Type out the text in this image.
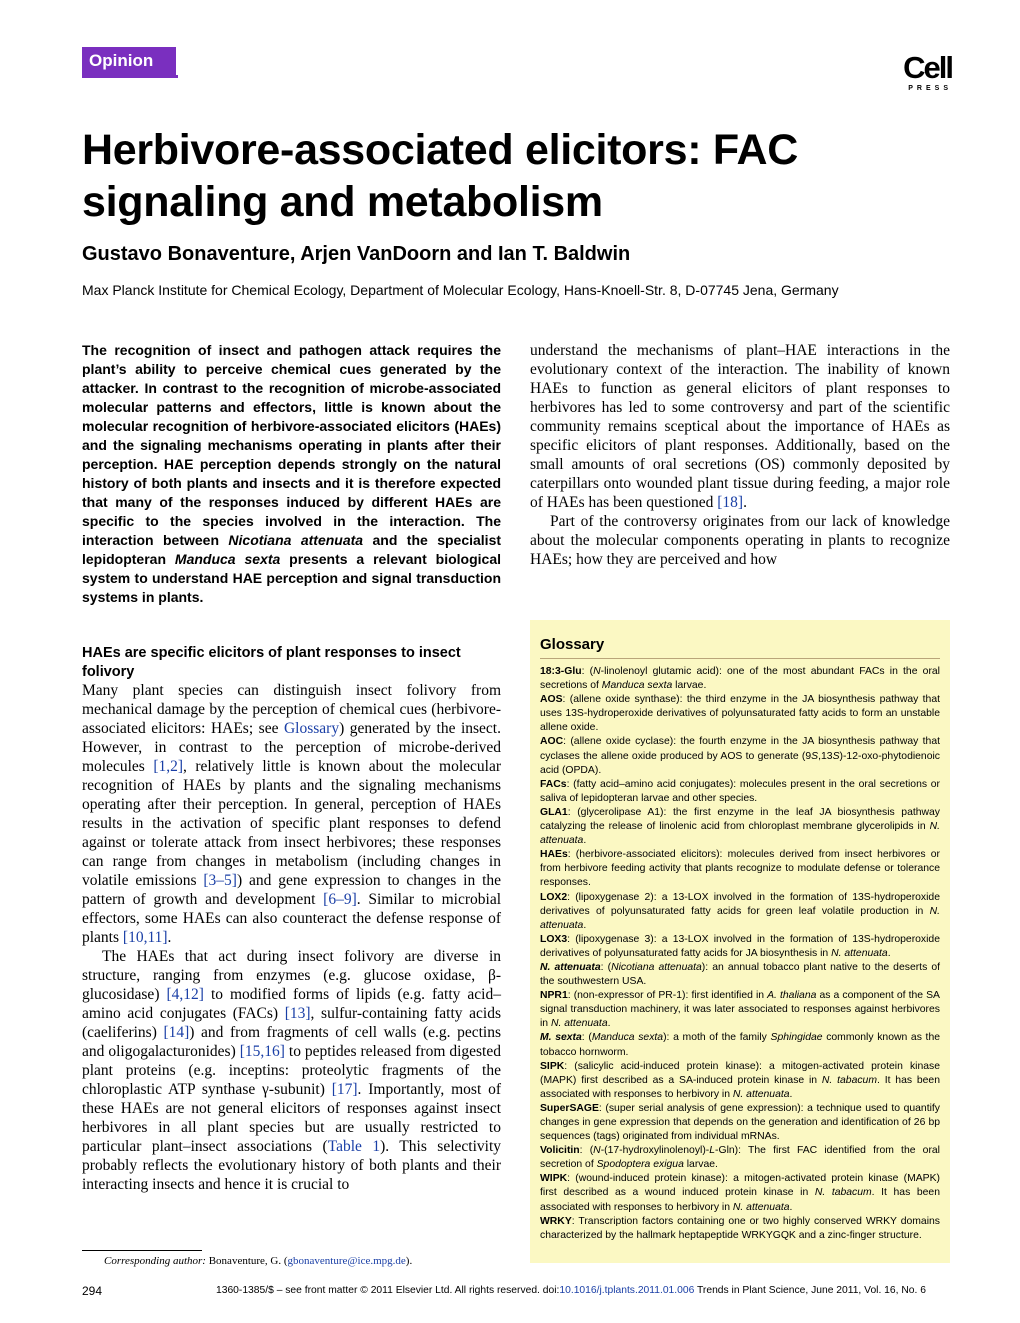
Opinion	Cell
PRESS
Herbivore-associated elicitors: FAC signaling and metabolism

Gustavo Bonaventure, Arjen VanDoorn and Ian T. Baldwin

Max Planck Institute for Chemical Ecology, Department of Molecular Ecology, Hans-Knoell-Str. 8, D-07745 Jena, Germany

The recognition of insect and pathogen attack requires the plant’s ability to perceive chemical cues generated by the attacker. In contrast to the recognition of microbe-associated molecular patterns and effectors, little is known about the molecular recognition of herbivore-associated elicitors (HAEs) and the signaling mechanisms operating in plants after their perception. HAE perception depends strongly on the natural history of both plants and insects and it is therefore expected that many of the responses induced by different HAEs are specific to the species involved in the interaction. The interaction between Nicotiana attenuata and the specialist lepidopteran Manduca sexta presents a relevant biological system to understand HAE perception and signal transduction systems in plants.

HAEs are specific elicitors of plant responses to insect folivory

Many plant species can distinguish insect folivory from mechanical damage by the perception of chemical cues (herbivore-associated elicitors: HAEs; see Glossary) generated by the insect. However, in contrast to the perception of microbe-derived molecules [1,2], relatively little is known about the molecular recognition of HAEs by plants and the signaling mechanisms operating after their perception. In general, perception of HAEs results in the activation of specific plant responses to defend against or tolerate attack from insect herbivores; these responses can range from changes in metabolism (including changes in volatile emissions [3–5]) and gene expression to changes in the pattern of growth and development [6–9]. Similar to microbial effectors, some HAEs can also counteract the defense response of plants [10,11].

The HAEs that act during insect folivory are diverse in structure, ranging from enzymes (e.g. glucose oxidase, β-glucosidase) [4,12] to modified forms of lipids (e.g. fatty acid–amino acid conjugates (FACs) [13], sulfur-containing fatty acids (caeliferins) [14]) and from fragments of cell walls (e.g. pectins and oligogalacturonides) [15,16] to peptides released from digested plant proteins (e.g. inceptins: proteolytic fragments of the chloroplastic ATP synthase γ-subunit) [17]. Importantly, most of these HAEs are not general elicitors of responses against insect herbivores in all plant species but are usually restricted to particular plant–insect associations (Table 1). This selectivity probably reflects the evolutionary history of both plants and their interacting insects and hence it is crucial to

understand the mechanisms of plant–HAE interactions in the evolutionary context of the interaction. The inability of known HAEs to function as general elicitors of plant responses to herbivores has led to some controversy and part of the scientific community remains sceptical about the importance of HAEs as specific elicitors of plant responses. Additionally, based on the small amounts of oral secretions (OS) commonly deposited by caterpillars onto wounded plant tissue during feeding, a major role of HAEs has been questioned [18].

Part of the controversy originates from our lack of knowledge about the molecular components operating in plants to recognize HAEs; how they are perceived and how

Glossary

18:3-Glu: (N-linolenoyl glutamic acid): one of the most abundant FACs in the oral secretions of Manduca sexta larvae.

AOS: (allene oxide synthase): the third enzyme in the JA biosynthesis pathway that uses 13S-hydroperoxide derivatives of polyunsaturated fatty acids to form an unstable allene oxide.

AOC: (allene oxide cyclase): the fourth enzyme in the JA biosynthesis pathway that cyclases the allene oxide produced by AOS to generate (9S,13S)-12-oxo-phytodienoic acid (OPDA).

FACs: (fatty acid–amino acid conjugates): molecules present in the oral secretions or saliva of lepidopteran larvae and other species.

GLA1: (glycerolipase A1): the first enzyme in the leaf JA biosynthesis pathway catalyzing the release of linolenic acid from chloroplast membrane glycerolipids in N. attenuata.

HAEs: (herbivore-associated elicitors): molecules derived from insect herbivores or from herbivore feeding activity that plants recognize to modulate defense or tolerance responses.

LOX2: (lipoxygenase 2): a 13-LOX involved in the formation of 13S-hydroperoxide derivatives of polyunsaturated fatty acids for green leaf volatile production in N. attenuata.

LOX3: (lipoxygenase 3): a 13-LOX involved in the formation of 13S-hydroperoxide derivatives of polyunsaturated fatty acids for JA biosynthesis in N. attenuata.

N. attenuata: (Nicotiana attenuata): an annual tobacco plant native to the deserts of the southwestern USA.

NPR1: (non-expressor of PR-1): first identified in A. thaliana as a component of the SA signal transduction machinery, it was later associated to responses against herbivores in N. attenuata.

M. sexta: (Manduca sexta): a moth of the family Sphingidae commonly known as the tobacco hornworm.

SIPK: (salicylic acid-induced protein kinase): a mitogen-activated protein kinase (MAPK) first described as a SA-induced protein kinase in N. tabacum. It has been associated with responses to herbivory in N. attenuata.

SuperSAGE: (super serial analysis of gene expression): a technique used to quantify changes in gene expression that depends on the generation and identification of 26 bp sequences (tags) originated from individual mRNAs.

Volicitin: (N-(17-hydroxylinolenoyl)-L-Gln): The first FAC identified from the oral secretion of Spodoptera exigua larvae.

WIPK: (wound-induced protein kinase): a mitogen-activated protein kinase (MAPK) first described as a wound induced protein kinase in N. tabacum. It has been associated with responses to herbivory in N. attenuata.

WRKY: Transcription factors containing one or two highly conserved WRKY domains characterized by the hallmark heptapeptide WRKYGQK and a zinc-finger structure.

Corresponding author: Bonaventure, G. (gbonaventure@ice.mpg.de).

294	1360-1385/$ – see front matter © 2011 Elsevier Ltd. All rights reserved. doi:10.1016/j.tplants.2011.01.006 Trends in Plant Science, June 2011, Vol. 16, No. 6
